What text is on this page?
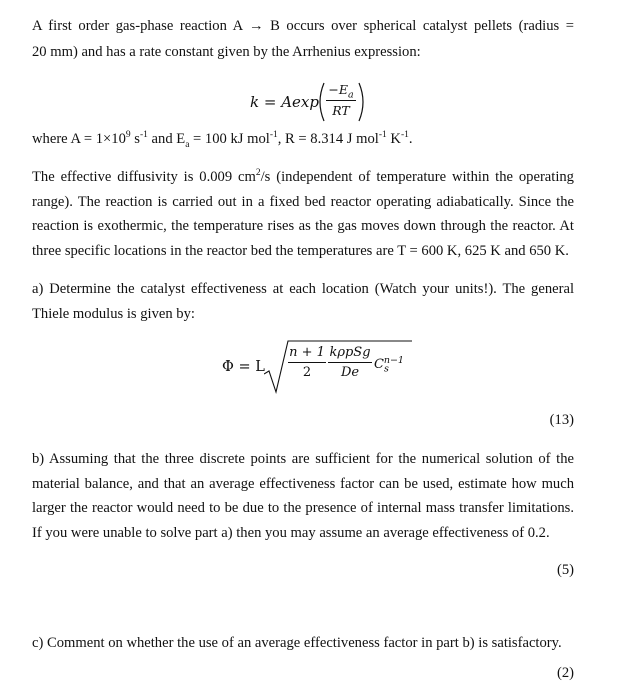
A first order gas-phase reaction A → B occurs over spherical catalyst pellets (radius =
20 mm) and has a rate constant given by the Arrhenius expression:
k = Aexp
$-E_a$
RT
where $A = 1\times 10^9$ $s^{-1}$ and $E_a = 100$ kJ mol$^{-1}$, R = 8.314 J mol$^{-1}$ $K^{-1}$.
The effective diffusivity is 0.009 $cm^2/s$ (independent of temperature within the operating range). The reaction is carried out in a fixed bed reactor operating adiabatically. Since the reaction is exothermic, the temperature rises as the gas moves down through the reactor. At three specific locations in the reactor bed the temperatures are T = 600 K, 625 K and 650 K.
a) Determine the catalyst effectiveness at each location (Watch your units!). The general Thiele modulus is given by:
Φ = L
n + 1
2
kρpSg
De
$C_s^{n-1}$
(13)
b) Assuming that the three discrete points are sufficient for the numerical solution of the material balance, and that an average effectiveness factor can be used, estimate how much larger the reactor would need to be due to the presence of internal mass transfer limitations. If you were unable to solve part a) then you may assume an average effectiveness of 0.2.
(5)
c) Comment on whether the use of an average effectiveness factor in part b) is satisfactory.
(2)
